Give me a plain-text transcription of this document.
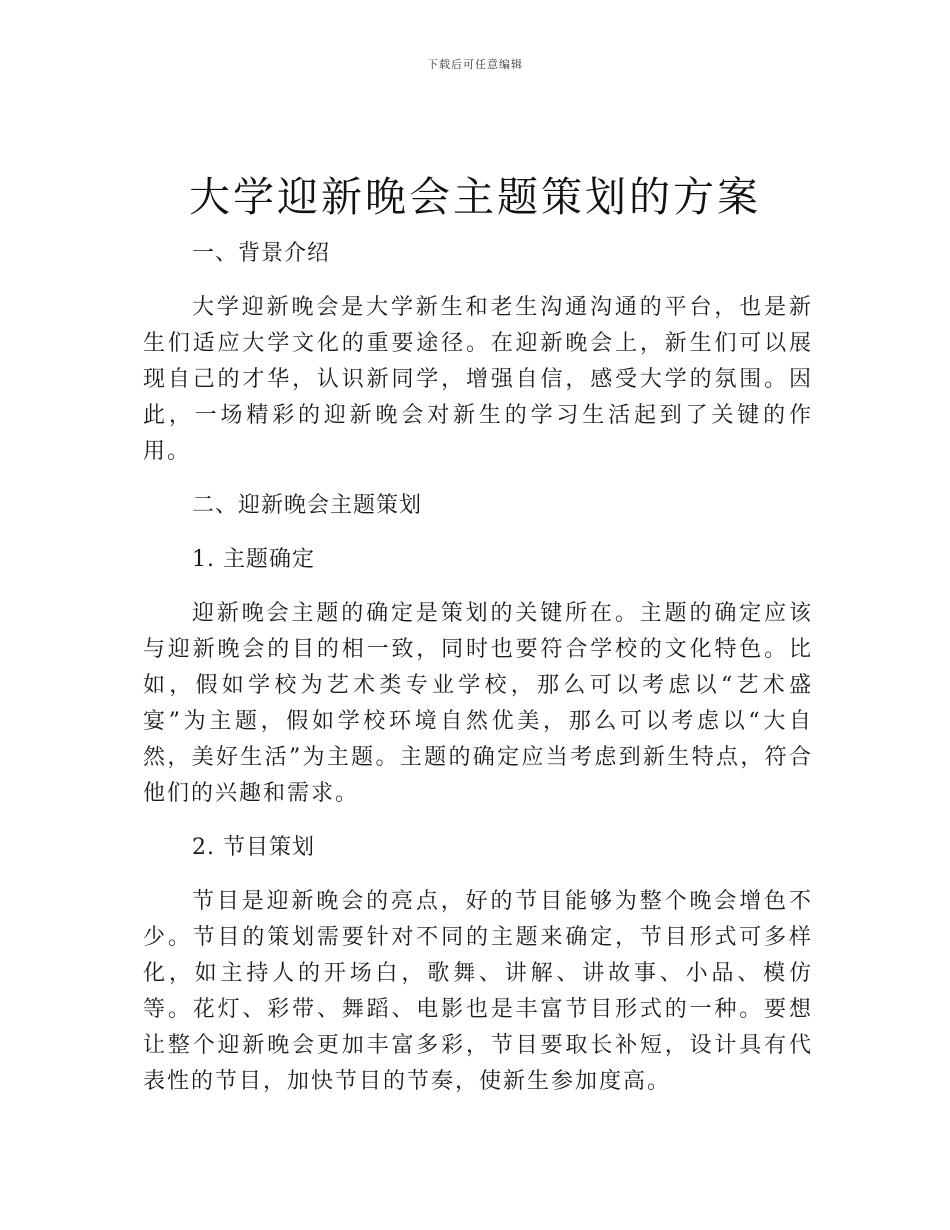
下载后可任意编辑
大学迎新晚会主题策划的方案

一、背景介绍

大学迎新晚会是大学新生和老生沟通沟通的平台，也是新生们适应大学文化的重要途径。在迎新晚会上，新生们可以展现自己的才华，认识新同学，增强自信，感受大学的氛围。因此，一场精彩的迎新晚会对新生的学习生活起到了关键的作用。

二、迎新晚会主题策划

1. 主题确定

迎新晚会主题的确定是策划的关键所在。主题的确定应该与迎新晚会的目的相一致，同时也要符合学校的文化特色。比如，假如学校为艺术类专业学校，那么可以考虑以“艺术盛宴”为主题，假如学校环境自然优美，那么可以考虑以“大自然，美好生活”为主题。主题的确定应当考虑到新生特点，符合他们的兴趣和需求。

2. 节目策划

节目是迎新晚会的亮点，好的节目能够为整个晚会增色不少。节目的策划需要针对不同的主题来确定，节目形式可多样化，如主持人的开场白，歌舞、讲解、讲故事、小品、模仿等。花灯、彩带、舞蹈、电影也是丰富节目形式的一种。要想让整个迎新晚会更加丰富多彩，节目要取长补短，设计具有代表性的节目，加快节目的节奏，使新生参加度高。
